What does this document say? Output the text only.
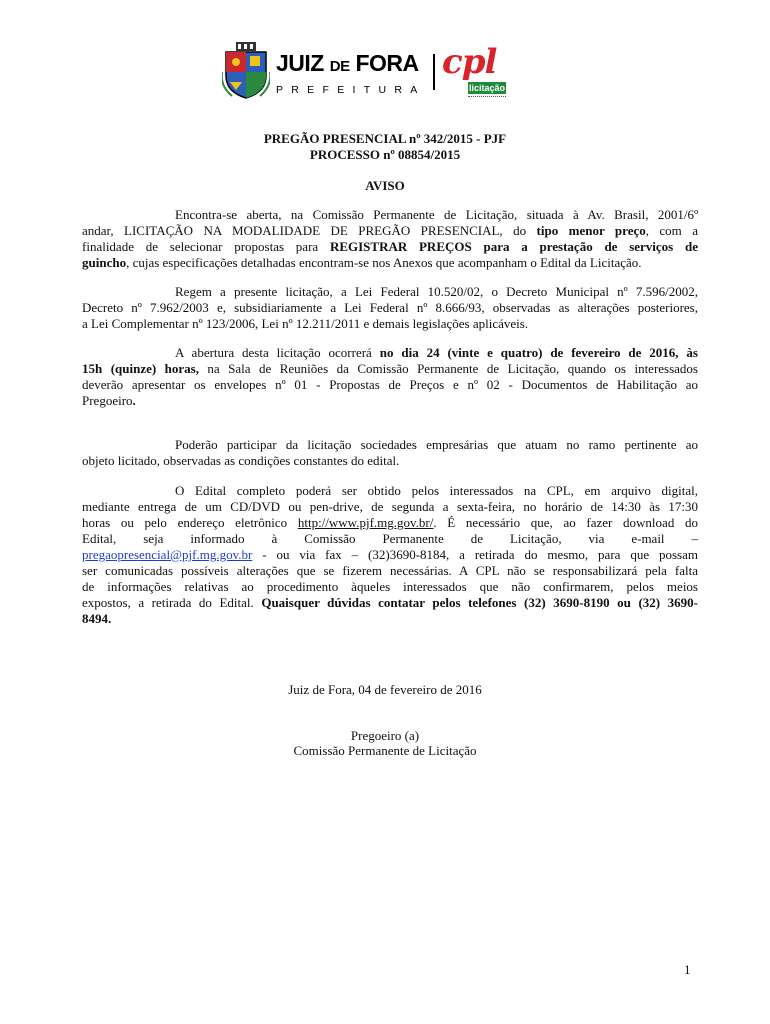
JUIZ DE FORA
PREFEITURA
cpl
licitação
PREGÃO PRESENCIAL nº 342/2015 - PJF
PROCESSO nº 08854/2015
AVISO
Encontra-se aberta, na Comissão Permanente de Licitação, situada à Av. Brasil, 2001/6º
andar, LICITAÇÃO NA MODALIDADE DE PREGÃO PRESENCIAL, do tipo menor preço, com a
finalidade de selecionar propostas para REGISTRAR PREÇOS para a prestação de serviços de
guincho, cujas especificações detalhadas encontram-se nos Anexos que acompanham o Edital da Licitação.
Regem a presente licitação, a Lei Federal 10.520/02, o Decreto Municipal nº 7.596/2002,
Decreto nº 7.962/2003 e, subsidiariamente a Lei Federal nº 8.666/93, observadas as alterações posteriores,
a Lei Complementar nº 123/2006, Lei nº 12.211/2011 e demais legislações aplicáveis.
A abertura desta licitação ocorrerá no dia 24 (vinte e quatro) de fevereiro de 2016, às
15h (quinze) horas, na Sala de Reuniões da Comissão Permanente de Licitação, quando os interessados
deverão apresentar os envelopes nº 01 - Propostas de Preços e nº 02 - Documentos de Habilitação ao
Pregoeiro.
Poderão participar da licitação sociedades empresárias que atuam no ramo pertinente ao
objeto licitado, observadas as condições constantes do edital.
O Edital completo poderá ser obtido pelos interessados na CPL, em arquivo digital,
mediante entrega de um CD/DVD ou pen-drive, de segunda a sexta-feira, no horário de 14:30 às 17:30
horas ou pelo endereço eletrônico http://www.pjf.mg.gov.br/. É necessário que, ao fazer download do
Edital, seja informado à Comissão Permanente de Licitação, via e-mail –
pregaopresencial@pjf.mg.gov.br - ou via fax – (32)3690-8184, a retirada do mesmo, para que possam
ser comunicadas possíveis alterações que se fizerem necessárias. A CPL não se responsabilizará pela falta
de informações relativas ao procedimento àqueles interessados que não confirmarem, pelos meios
expostos, a retirada do Edital. Quaisquer dúvidas contatar pelos telefones (32) 3690-8190 ou (32) 3690-
8494.
Juiz de Fora, 04 de fevereiro de 2016
Pregoeiro (a)
Comissão Permanente de Licitação
1
